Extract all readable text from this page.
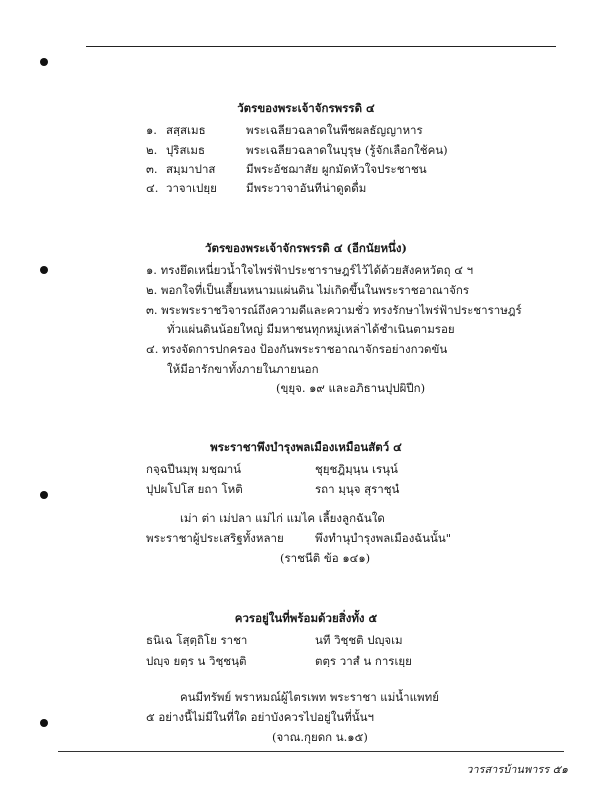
วัตรของพระเจ้าจักรพรรดิ ๔
๑. สสฺสเมธ	พระเฉลียวฉลาดในพืชผลธัญญาหาร
๒. ปุริสเมธ	พระเฉลียวฉลาดในบุรุษ (รู้จักเลือกใช้คน)
๓. สมฺมาปาส	มีพระอัชฌาสัย ผูกมัดหัวใจประชาชน
๔. วาจาเปยฺย	มีพระวาจาอันทีน่าดูดดื่ม
วัตรของพระเจ้าจักรพรรดิ ๔ (อีกนัยหนึ่ง)
๑. ทรงยึดเหนี่ยวน้ำใจไพร่ฟ้าประชาราษฎร์ไว้ได้ด้วยสังคหวัตถุ ๔ ฯ
๒. พอกใจที่เป็นเสี้ยนหนามแผ่นดิน ไม่เกิดขึ้นในพระราชอาณาจักร
๓. พระพระราชวิจารณ์ถึงความดีและความชั่ว ทรงรักษาไพร่ฟ้าประชาราษฎร์
ทั่วแผ่นดินน้อยใหญ่ มีมหาชนทุกหมู่เหล่าได้ชำเนินตามรอย
๔. ทรงจัดการปกครอง ป้องกันพระราชอาณาจักรอย่างกวดขัน
ให้มีอารักขาทั้งภายในภายนอก
(ขฺยุจ. ๑๙ และอภิธานปุปผิปีก)
พระราชาพึงบำรุงพลเมืองเหมือนสัตว์ ๔
กจฺฉปีนมฺพุ มชฺฌาน์	ชุยฺชฎิมฺนฺน เรนุน์
ปุปผโปโส ยถา โหติ	รถา มฺนุจ สุราชุนํ
เม่า ต่า เม่ปลา แม่ไก่ แมไค เลี้ยงลูกฉันใด
พระราชาผู้ประเสริฐทั้งหลาย	พึงทำนุบำรุงพลเมืองฉันนั้น"
(ราชนีติ ข้อ ๑๔๑)
ควรอยู่ในที่พร้อมด้วยสิ่งทั้ง ๕
ธนิเฉ โสฺตฺถิโย ราชา	นที วิชฺชติ ปญฺจเม
ปญฺจ ยตฺร น วิชฺชนฺติ	ตตฺร วาสํ น การเยฺย
คนมีทรัพย์ พราหมณ์ผู้ไตรเพท พระราชา แม่น้ำแพทย์
๕ อย่างนี้ไม่มีในที่ใด อย่าบังควรไปอยู่ในที่นั้นฯ
(จาณ.กุยดก น.๑๕)
วารสารบ้านพารร ๕๑
